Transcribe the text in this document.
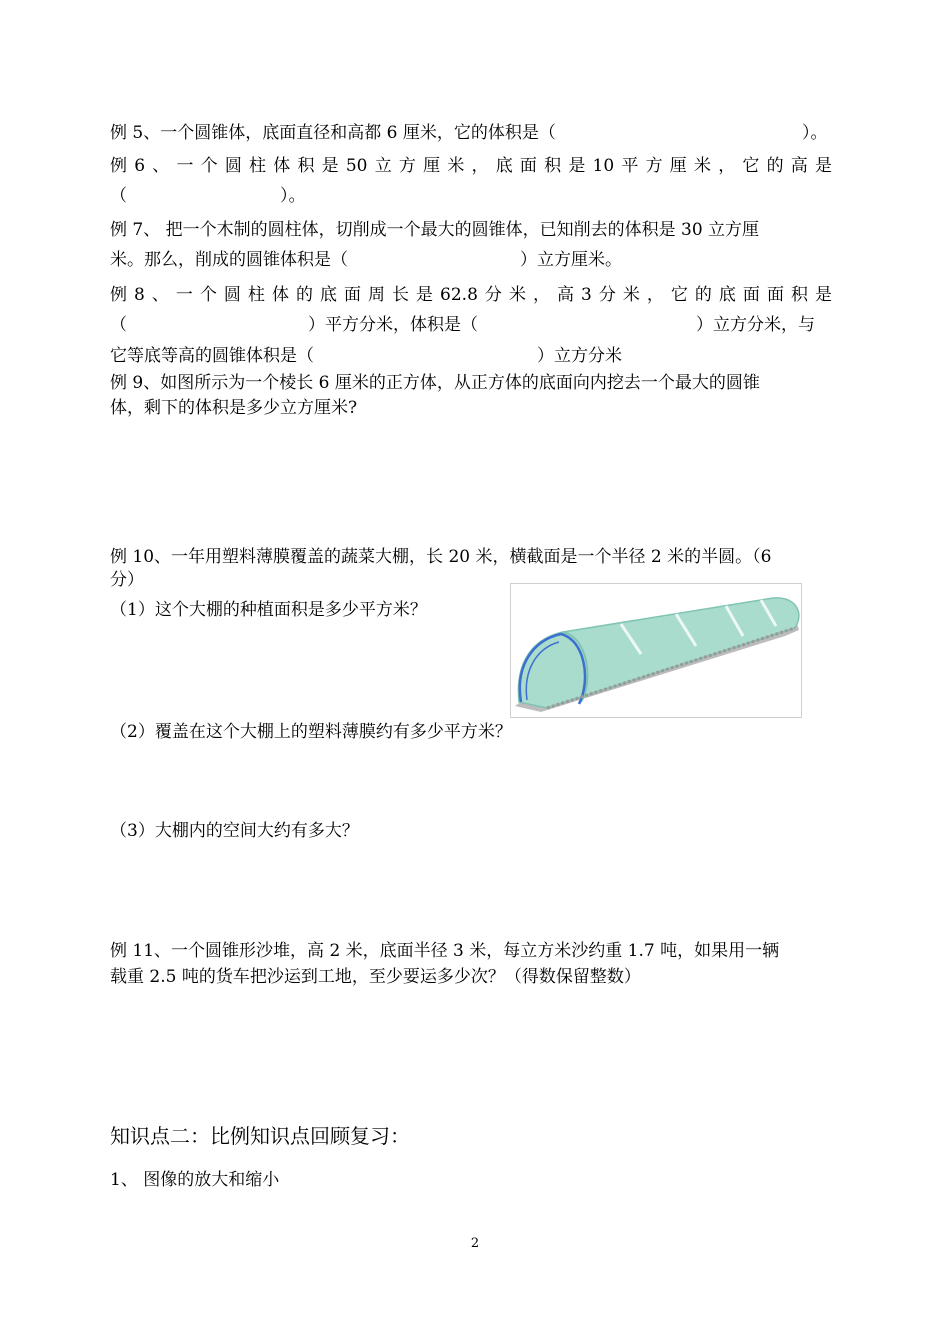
例 5、一个圆锥体，底面直径和高都 6 厘米，它的体积是（	）。
例 6 、 一 个 圆 柱 体 积 是 50 立 方 厘 米 ， 底 面 积 是 10 平 方 厘 米 ， 它 的 高 是
（	）。
例 7、 把一个木制的圆柱体，切削成一个最大的圆锥体，已知削去的体积是 30 立方厘
米。那么，削成的圆锥体积是（	）立方厘米。
例 8 、 一 个 圆 柱 体 的 底 面 周 长 是 62.8 分 米 ， 高 3 分 米 ， 它 的 底 面 面 积 是
（	）平方分米，体积是（	）立方分米，与
它等底等高的圆锥体积是（	）立方分米
例 9、如图所示为一个棱长 6 厘米的正方体，从正方体的底面向内挖去一个最大的圆锥
体，剩下的体积是多少立方厘米?
例 10、一年用塑料薄膜覆盖的蔬菜大棚，长 20 米，横截面是一个半径 2 米的半圆。（6
分）
（1）这个大棚的种植面积是多少平方米？
（2）覆盖在这个大棚上的塑料薄膜约有多少平方米？
（3）大棚内的空间大约有多大？
例 11、一个圆锥形沙堆，高 2 米，底面半径 3 米，每立方米沙约重 1.7 吨，如果用一辆
载重 2.5 吨的货车把沙运到工地，至少要运多少次？（得数保留整数）
知识点二：比例知识点回顾复习：
1、 图像的放大和缩小
2
